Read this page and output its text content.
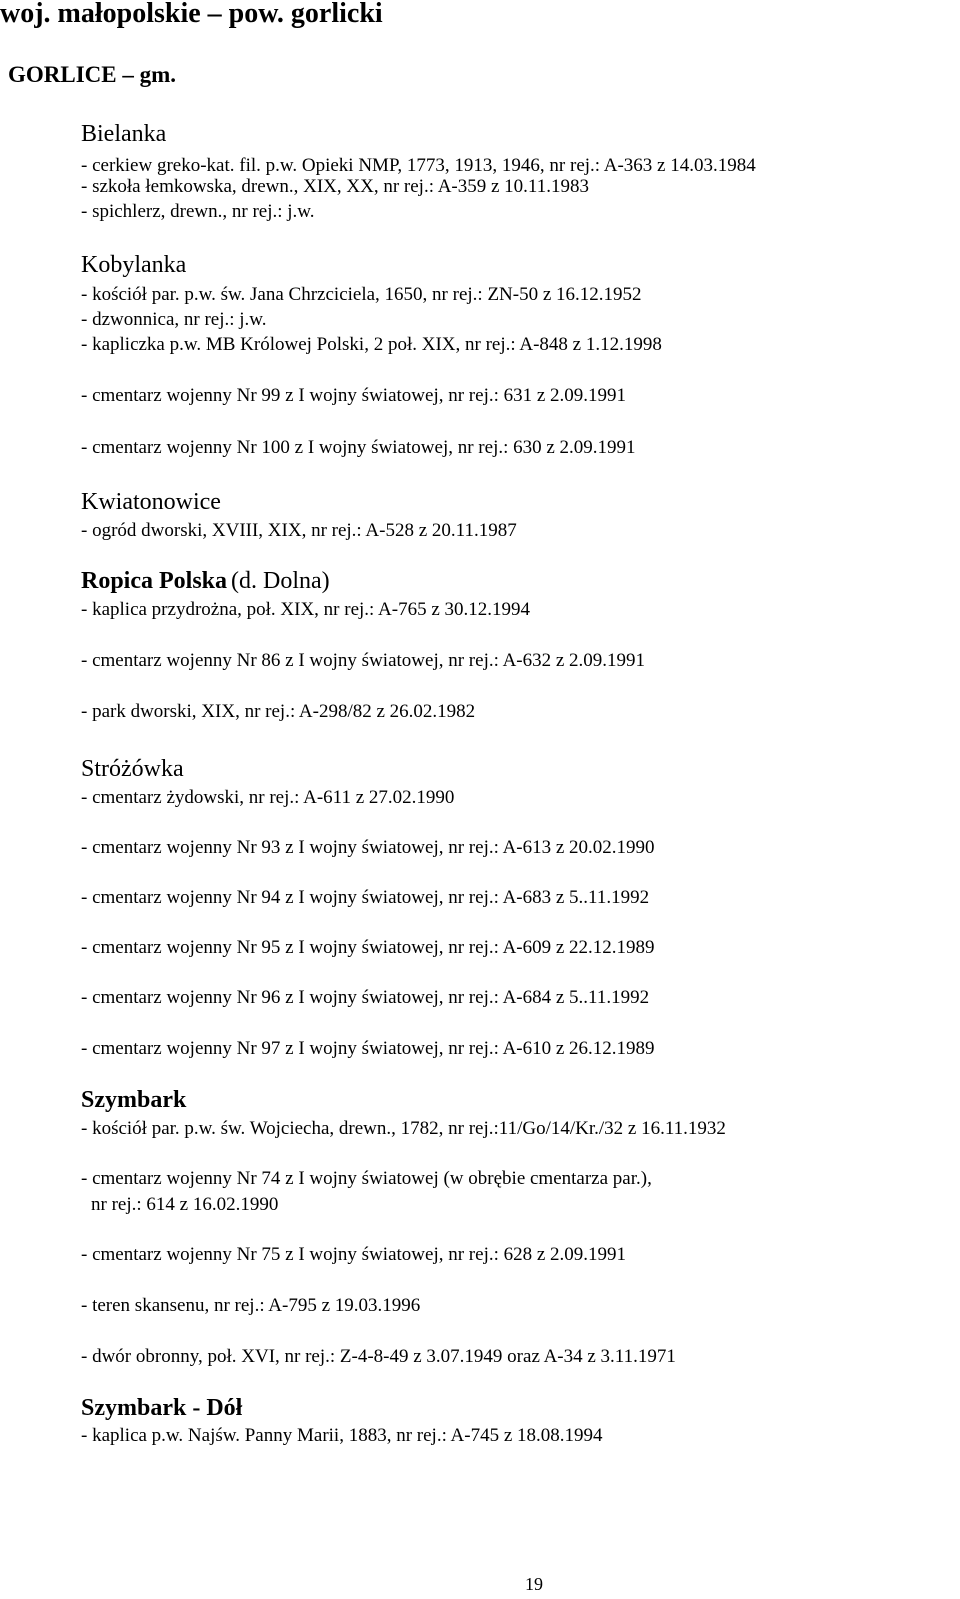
woj. małopolskie – pow. gorlicki
GORLICE – gm.
Bielanka
- cerkiew greko-kat. fil. p.w. Opieki NMP, 1773, 1913, 1946, nr rej.: A-363 z 14.03.1984
- szkoła łemkowska, drewn., XIX, XX, nr rej.: A-359 z 10.11.1983
- spichlerz, drewn., nr rej.: j.w.
Kobylanka
- kościół par. p.w. św. Jana Chrzciciela, 1650, nr rej.: ZN-50 z 16.12.1952
- dzwonnica, nr rej.: j.w.
- kapliczka p.w. MB Królowej Polski, 2 poł. XIX, nr rej.: A-848 z 1.12.1998
- cmentarz wojenny Nr 99 z I wojny światowej, nr rej.: 631 z 2.09.1991
- cmentarz wojenny Nr 100 z I wojny światowej, nr rej.: 630 z 2.09.1991
Kwiatonowice
- ogród dworski, XVIII, XIX, nr rej.: A-528 z 20.11.1987
Ropica Polska (d. Dolna)
- kaplica przydrożna, poł. XIX, nr rej.: A-765 z 30.12.1994
- cmentarz wojenny Nr 86 z I wojny światowej, nr rej.: A-632 z 2.09.1991
- park dworski, XIX, nr rej.: A-298/82 z 26.02.1982
Stróżówka
- cmentarz żydowski, nr rej.: A-611 z 27.02.1990
- cmentarz wojenny Nr 93 z I wojny światowej, nr rej.: A-613 z 20.02.1990
- cmentarz wojenny Nr 94 z I wojny światowej, nr rej.: A-683 z 5..11.1992
- cmentarz wojenny Nr 95 z I wojny światowej, nr rej.: A-609 z 22.12.1989
- cmentarz wojenny Nr 96 z I wojny światowej, nr rej.: A-684 z 5..11.1992
- cmentarz wojenny Nr 97 z I wojny światowej, nr rej.: A-610 z 26.12.1989
Szymbark
- kościół par. p.w. św. Wojciecha, drewn., 1782, nr rej.:11/Go/14/Kr./32 z 16.11.1932
- cmentarz wojenny Nr 74 z I wojny światowej (w obrębie cmentarza par.),
nr rej.: 614 z 16.02.1990
- cmentarz wojenny Nr 75 z I wojny światowej, nr rej.: 628 z 2.09.1991
- teren skansenu, nr rej.: A-795 z 19.03.1996
- dwór obronny, poł. XVI, nr rej.: Z-4-8-49 z 3.07.1949 oraz A-34 z 3.11.1971
Szymbark - Dół
- kaplica p.w. Najśw. Panny Marii, 1883, nr rej.: A-745 z 18.08.1994
19
